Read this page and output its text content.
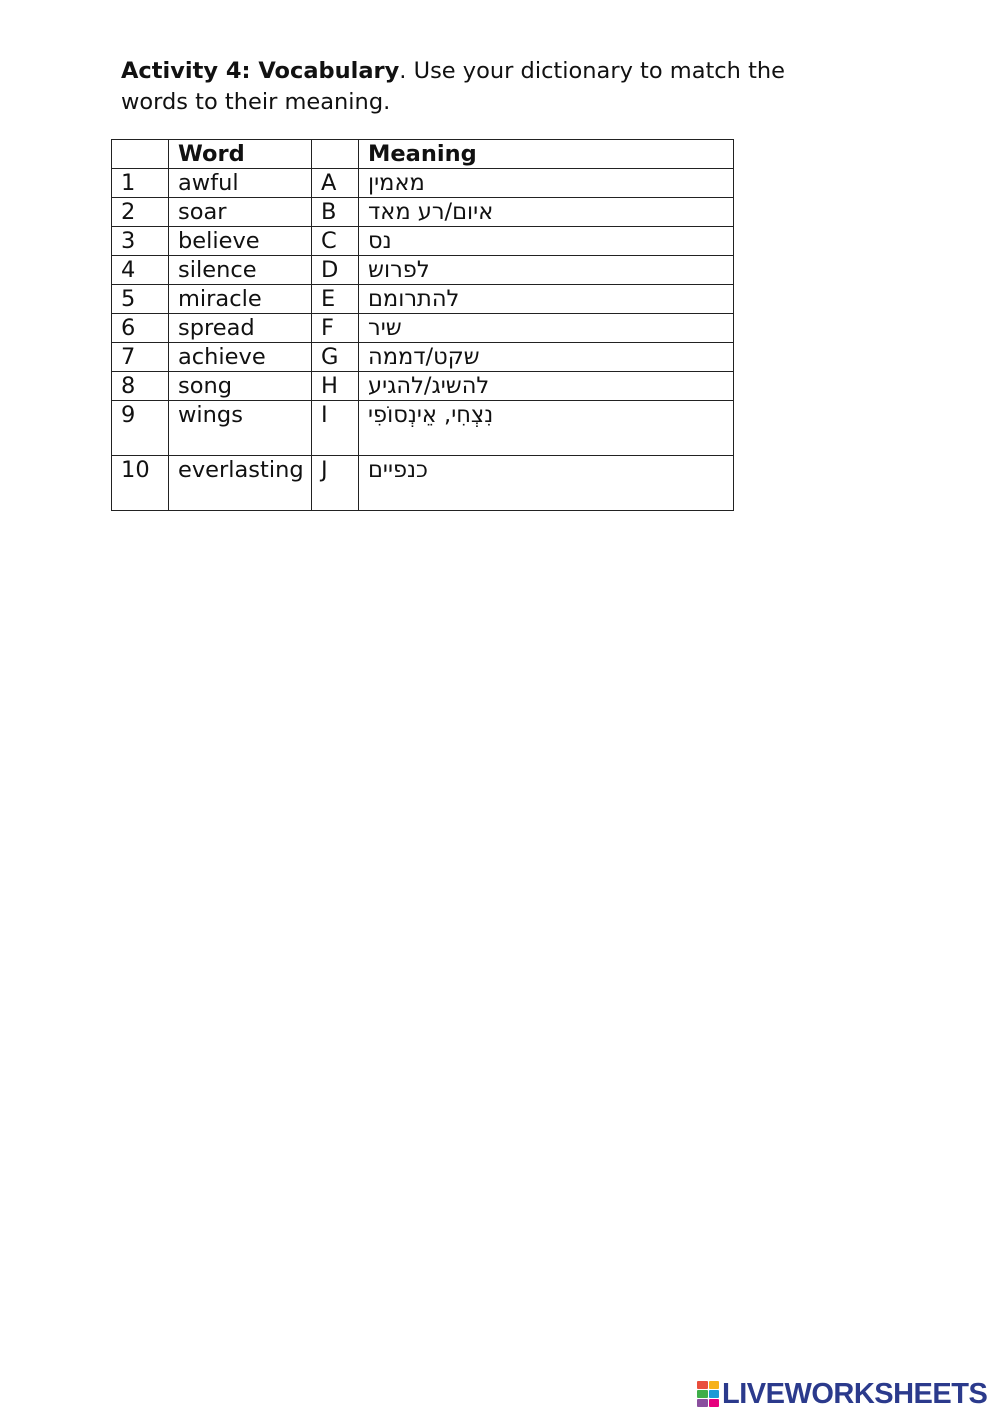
Activity 4: Vocabulary. Use your dictionary to match the words to their meaning.

	Word		Meaning
1	awful	A	מאמין
2	soar	B	איום/רע מאד
3	believe	C	נס
4	silence	D	לפרוש
5	miracle	E	להתרומם
6	spread	F	שיר
7	achieve	G	שקט/דממה
8	song	H	להשיג/להגיע
9	wings	I	נִצְחִי, אֵינְסוֹפִי
10	everlasting	J	כנפיים
LIVEWORKSHEETS
